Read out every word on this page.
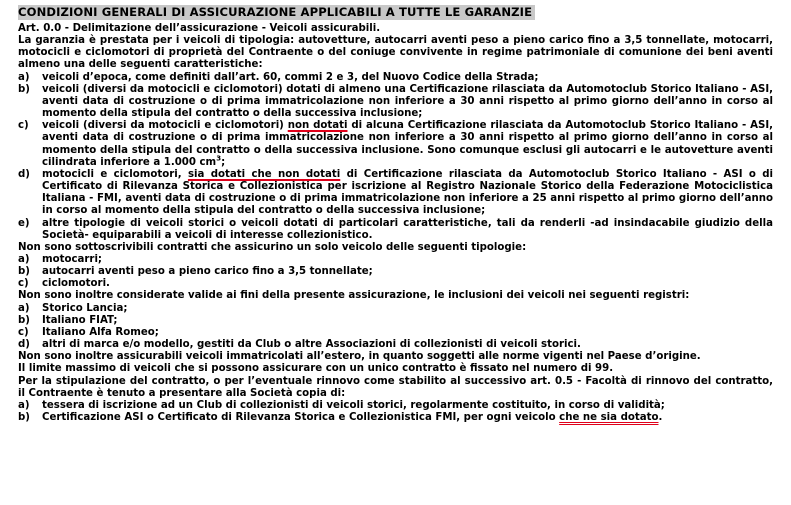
CONDIZIONI GENERALI DI ASSICURAZIONE APPLICABILI A TUTTE LE GARANZIE

Art. 0.0 - Delimitazione dell’assicurazione - Veicoli assicurabili.

La garanzia è prestata per i veicoli di tipologia: autovetture, autocarri aventi peso a pieno carico fino a 3,5 tonnellate, motocarri, motocicli e ciclomotori di proprietà del Contraente o del coniuge convivente in regime patrimoniale di comunione dei beni aventi almeno una delle seguenti caratteristiche:

a)	veicoli d’epoca, come definiti dall’art. 60, commi 2 e 3, del Nuovo Codice della Strada;
b)	veicoli (diversi da motocicli e ciclomotori) dotati di almeno una Certificazione rilasciata da Automotoclub Storico Italiano - ASI, aventi data di costruzione o di prima immatricolazione non inferiore a 30 anni rispetto al primo giorno dell’anno in corso al momento della stipula del contratto o della successiva inclusione;
c)	veicoli (diversi da motocicli e ciclomotori) non dotati di alcuna Certificazione rilasciata da Automotoclub Storico Italiano - ASI, aventi data di costruzione o di prima immatricolazione non inferiore a 30 anni rispetto al primo giorno dell’anno in corso al momento della stipula del contratto o della successiva inclusione. Sono comunque esclusi gli autocarri e le autovetture aventi cilindrata inferiore a 1.000 $cm^3$;
d)	motocicli e ciclomotori, sia dotati che non dotati di Certificazione rilasciata da Automotoclub Storico Italiano - ASI o di Certificato di Rilevanza Storica e Collezionistica per iscrizione al Registro Nazionale Storico della Federazione Motociclistica Italiana - FMI, aventi data di costruzione o di prima immatricolazione non inferiore a 25 anni rispetto al primo giorno dell’anno in corso al momento della stipula del contratto o della successiva inclusione;
e)	altre tipologie di veicoli storici o veicoli dotati di particolari caratteristiche, tali da renderli -ad insindacabile giudizio della Società- equiparabili a veicoli di interesse collezionistico.

Non sono sottoscrivibili contratti che assicurino un solo veicolo delle seguenti tipologie:

a)	motocarri;
b)	autocarri aventi peso a pieno carico fino a 3,5 tonnellate;
c)	ciclomotori.

Non sono inoltre considerate valide ai fini della presente assicurazione, le inclusioni dei veicoli nei seguenti registri:

a)	Storico Lancia;
b)	Italiano FIAT;
c)	Italiano Alfa Romeo;
d)	altri di marca e/o modello, gestiti da Club o altre Associazioni di collezionisti di veicoli storici.

Non sono inoltre assicurabili veicoli immatricolati all’estero, in quanto soggetti alle norme vigenti nel Paese d’origine.

Il limite massimo di veicoli che si possono assicurare con un unico contratto è fissato nel numero di 99.

Per la stipulazione del contratto, o per l’eventuale rinnovo come stabilito al successivo art. 0.5 - Facoltà di rinnovo del contratto, il Contraente è tenuto a presentare alla Società copia di:

a)	tessera di iscrizione ad un Club di collezionisti di veicoli storici, regolarmente costituito, in corso di validità;
b)	Certificazione ASI o Certificato di Rilevanza Storica e Collezionistica FMI, per ogni veicolo che ne sia dotato.
